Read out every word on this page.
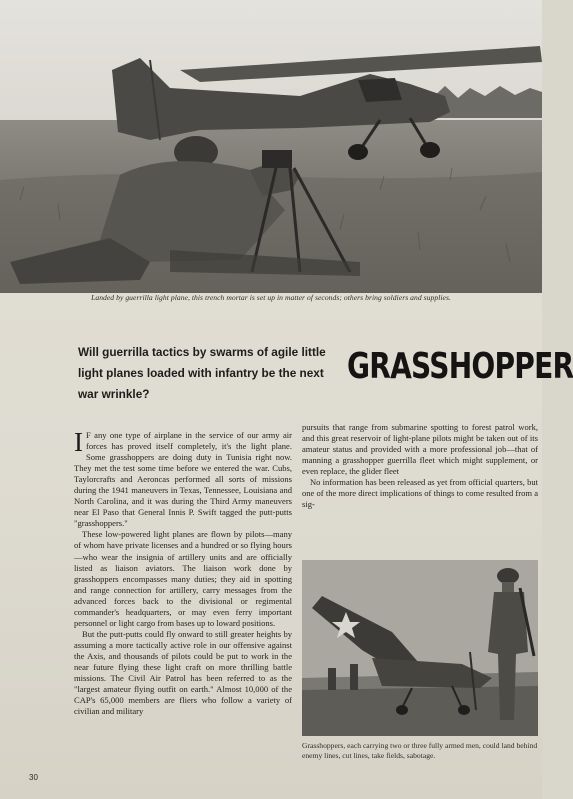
Landed by guerrilla light plane, this trench mortar is set up in matter of seconds; others bring soldiers and supplies.
Will guerrilla tactics by swarms of agile little light planes loaded with infantry be the next war wrinkle?
GRASSHOPPER

I F any one type of airplane in the service of our army air forces has proved itself completely, it's the light plane. Some grasshoppers are doing duty in Tunisia right now. They met the test some time before we entered the war. Cubs, Taylorcrafts and Aeroncas performed all sorts of missions during the 1941 maneuvers in Texas, Tennessee, Louisiana and North Carolina, and it was during the Third Army maneuvers near El Paso that General Innis P. Swift tagged the putt-putts "grasshoppers."

These low-powered light planes are flown by pilots—many of whom have private licenses and a hundred or so flying hours—who wear the insignia of artillery units and are officially listed as liaison aviators. The liaison work done by grasshoppers encompasses many duties; they aid in spotting and range connection for artillery, carry messages from the advanced forces back to the divisional or regimental commander's headquarters, or may even ferry important personnel or light cargo from bases up to loward positions.

But the putt-putts could fly onward to still greater heights by assuming a more tactically active role in our offensive against the Axis, and thousands of pilots could be put to work in the near future flying these light craft on more thrilling battle missions. The Civil Air Patrol has been referred to as the "largest amateur flying outfit on earth." Almost 10,000 of the CAP's 65,000 members are fliers who follow a variety of civilian and military

pursuits that range from submarine spotting to forest patrol work, and this great reservoir of light-plane pilots might be taken out of its amateur status and provided with a more professional job—that of manning a grasshopper guerrilla fleet which might supplement, or even replace, the glider fleet

No information has been released as yet from official quarters, but one of the more direct implications of things to come resulted from a sig-

Grasshoppers, each carrying two or three fully armed men, could land behind enemy lines, cut lines, take fields, sabotage.
30
